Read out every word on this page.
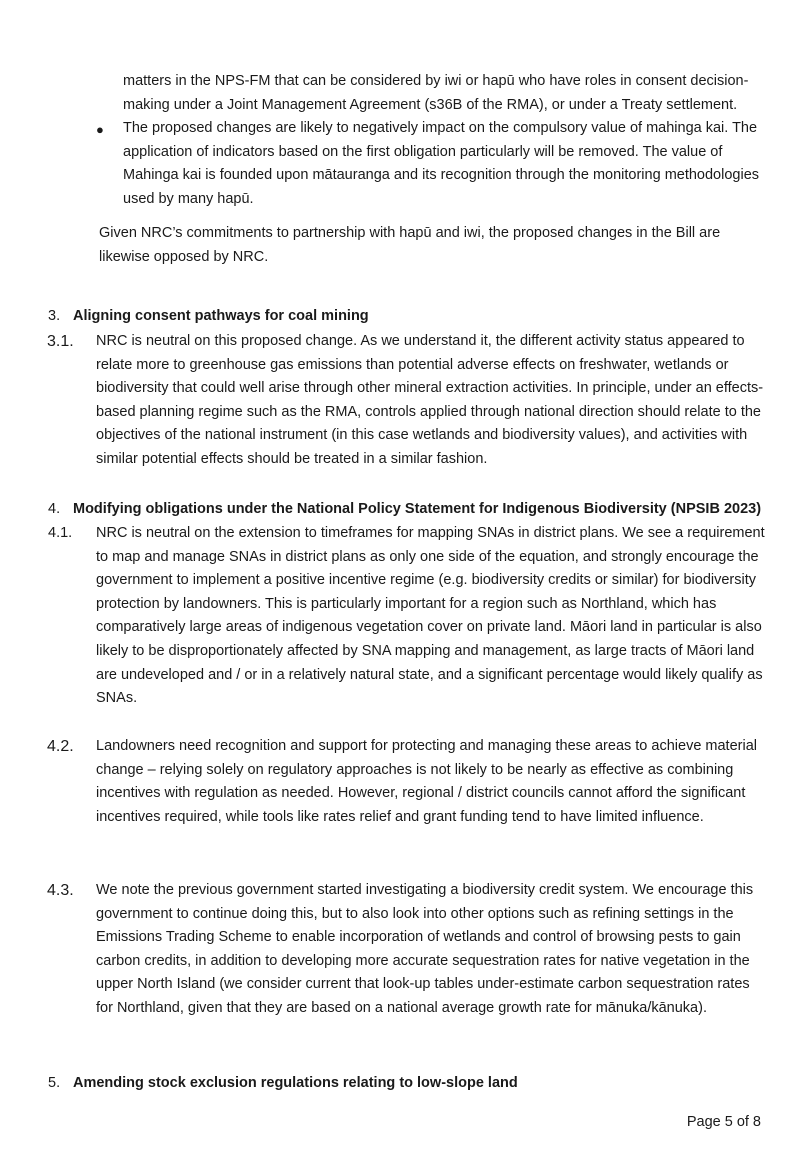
matters in the NPS-FM that can be considered by iwi or hapū who have roles in consent decision-making under a Joint Management Agreement (s36B of the RMA), or under a Treaty settlement.

● The proposed changes are likely to negatively impact on the compulsory value of mahinga kai. The application of indicators based on the first obligation particularly will be removed. The value of Mahinga kai is founded upon mātauranga and its recognition through the monitoring methodologies used by many hapū.

Given NRC’s commitments to partnership with hapū and iwi, the proposed changes in the Bill are likewise opposed by NRC.

3. Aligning consent pathways for coal mining

3.1. NRC is neutral on this proposed change. As we understand it, the different activity status appeared to relate more to greenhouse gas emissions than potential adverse effects on freshwater, wetlands or biodiversity that could well arise through other mineral extraction activities. In principle, under an effects-based planning regime such as the RMA, controls applied through national direction should relate to the objectives of the national instrument (in this case wetlands and biodiversity values), and activities with similar potential effects should be treated in a similar fashion.

4. Modifying obligations under the National Policy Statement for Indigenous Biodiversity (NPSIB 2023)

4.1. NRC is neutral on the extension to timeframes for mapping SNAs in district plans. We see a requirement to map and manage SNAs in district plans as only one side of the equation, and strongly encourage the government to implement a positive incentive regime (e.g. biodiversity credits or similar) for biodiversity protection by landowners. This is particularly important for a region such as Northland, which has comparatively large areas of indigenous vegetation cover on private land. Māori land in particular is also likely to be disproportionately affected by SNA mapping and management, as large tracts of Māori land are undeveloped and / or in a relatively natural state, and a significant percentage would likely qualify as SNAs.

4.2. Landowners need recognition and support for protecting and managing these areas to achieve material change – relying solely on regulatory approaches is not likely to be nearly as effective as combining incentives with regulation as needed. However, regional / district councils cannot afford the significant incentives required, while tools like rates relief and grant funding tend to have limited influence.

4.3. We note the previous government started investigating a biodiversity credit system. We encourage this government to continue doing this, but to also look into other options such as refining settings in the Emissions Trading Scheme to enable incorporation of wetlands and control of browsing pests to gain carbon credits, in addition to developing more accurate sequestration rates for native vegetation in the upper North Island (we consider current that look-up tables under-estimate carbon sequestration rates for Northland, given that they are based on a national average growth rate for mānuka/kānuka).

5. Amending stock exclusion regulations relating to low-slope land

Page 5 of 8
